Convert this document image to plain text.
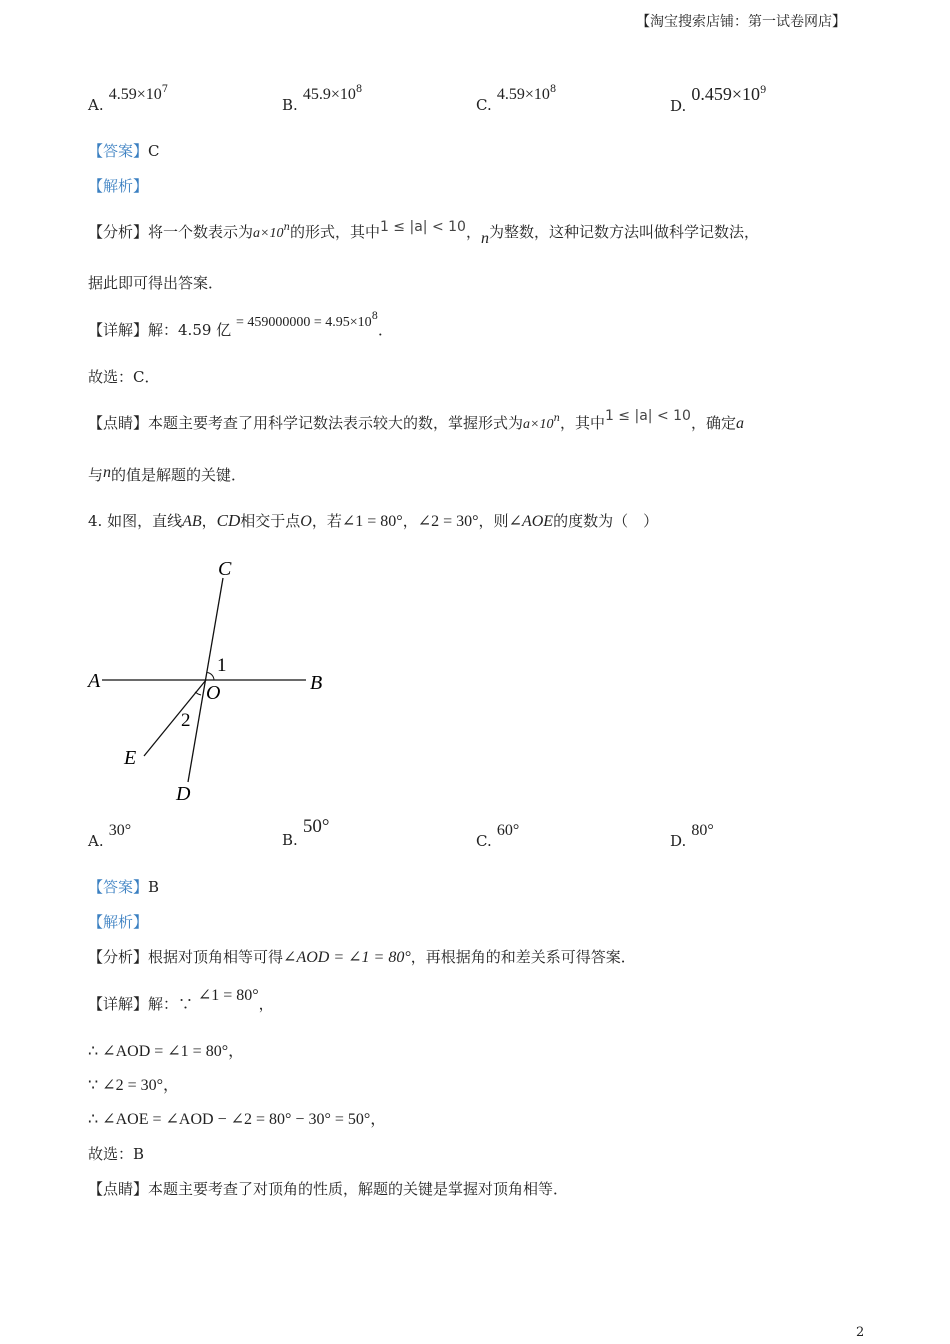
【淘宝搜索店铺：第一试卷网店】
A. $4.59\times 10^7$
B. $45.9\times 10^8$
C. $4.59\times 10^8$
D. $0.459\times 10^9$
【答案】C
【解析】
【分析】将一个数表示为$a\times 10^n$的形式，其中1 ≤ |a| < 10，n为整数，这种记数方法叫做科学记数法，
据此即可得出答案．
【详解】解：4.59 亿 = $459000000 = 4.95\times 10^8$．
故选：C．
【点睛】本题主要考查了用科学记数法表示较大的数，掌握形式为$a\times 10^n$，其中1 ≤ |a| < 10，确定a
与n的值是解题的关键．
4. 如图，直线AB，CD相交于点O，若∠1 = 80°，∠2 = 30°，则∠AOE的度数为（　）
C
A	B
O
E
D
1
2
A. 30°
B. 50°
C. 60°
D. 80°
【答案】B
【解析】
【分析】根据对顶角相等可得∠AOD = ∠1 = 80°，再根据角的和差关系可得答案．
【详解】解：∵ ∠1 = 80°，
∴ ∠AOD = ∠1 = 80°，
∵ ∠2 = 30°，
∴ ∠AOE = ∠AOD − ∠2 = 80° − 30° = 50°，
故选：B
【点睛】本题主要考查了对顶角的性质，解题的关键是掌握对顶角相等．
2
